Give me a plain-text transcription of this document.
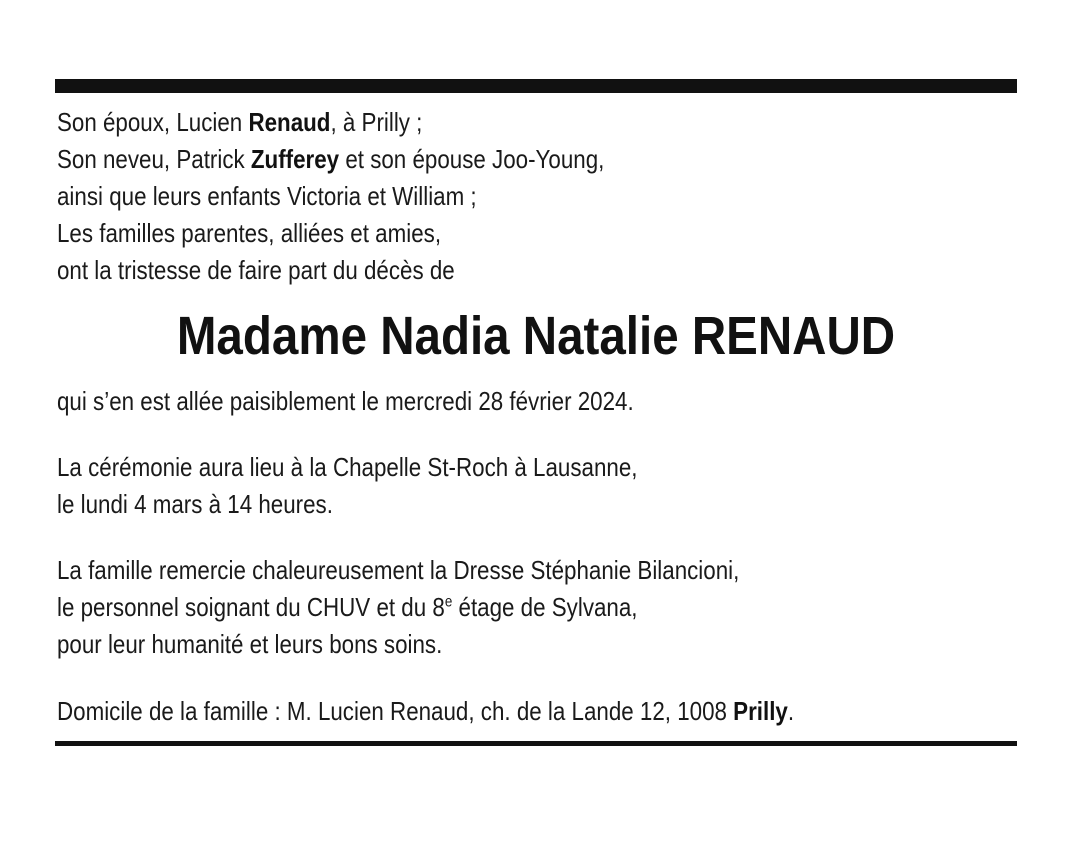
Son époux, Lucien Renaud, à Prilly ;
Son neveu, Patrick Zufferey et son épouse Joo-Young,
ainsi que leurs enfants Victoria et William ;
Les familles parentes, alliées et amies,
ont la tristesse de faire part du décès de
Madame Nadia Natalie RENAUD
qui s’en est allée paisiblement le mercredi 28 février 2024.
La cérémonie aura lieu à la Chapelle St-Roch à Lausanne,
le lundi 4 mars à 14 heures.
La famille remercie chaleureusement la Dresse Stéphanie Bilancioni,
le personnel soignant du CHUV et du 8e étage de Sylvana,
pour leur humanité et leurs bons soins.
Domicile de la famille : M. Lucien Renaud, ch. de la Lande 12, 1008 Prilly.
